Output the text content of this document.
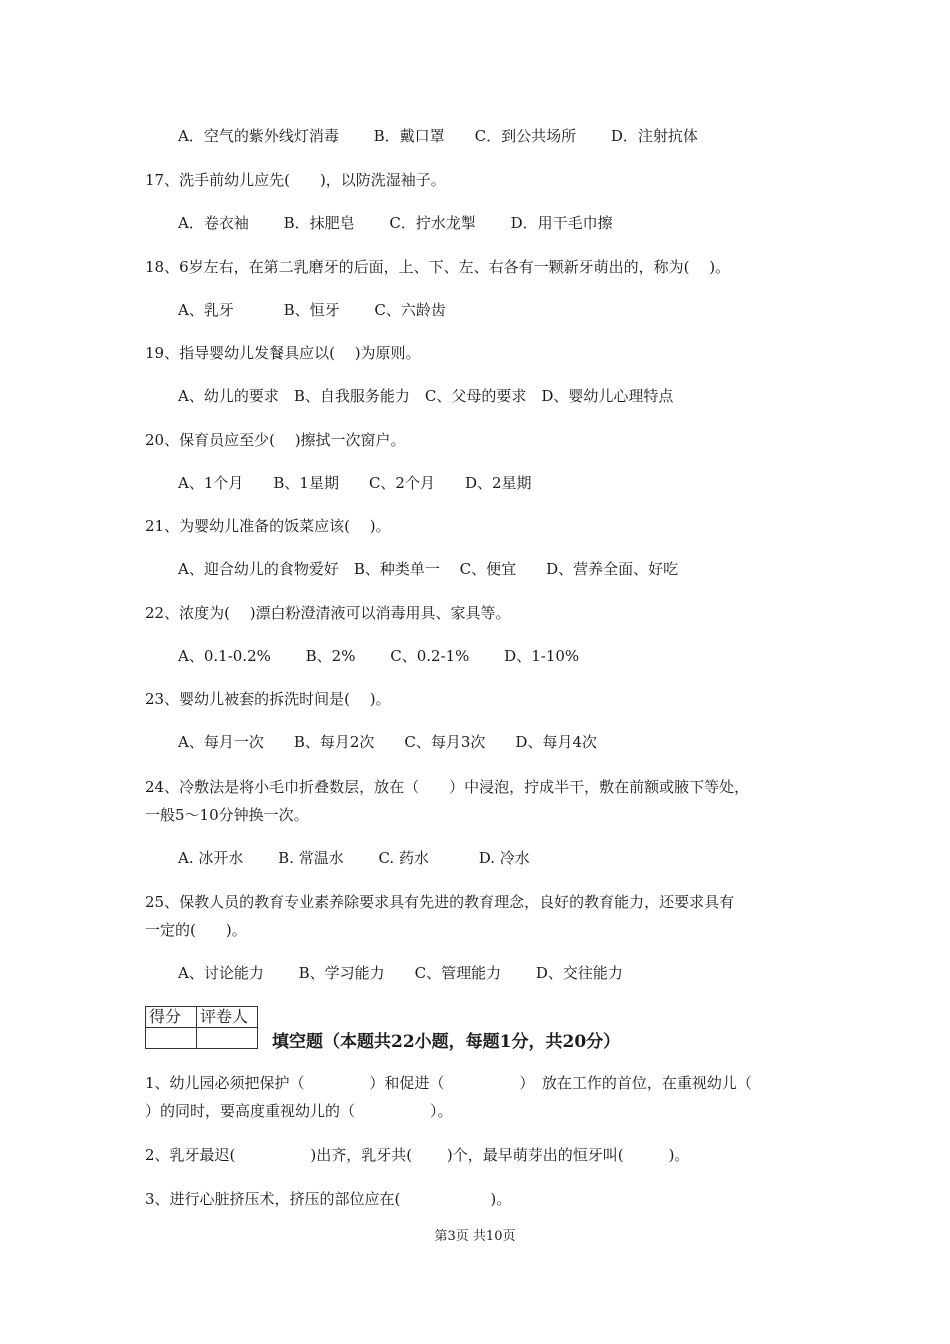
A．空气的紫外线灯消毒　　 B．戴口罩　　C．到公共场所　　 D．注射抗体
17、洗手前幼儿应先(　　)，以防洗湿袖子。
A．卷衣袖　　 B．抹肥皂　　 C．拧水龙掣　　 D．用干毛巾擦
18、6岁左右，在第二乳磨牙的后面，上、下、左、右各有一颗新牙萌出的，称为(　 )。
A、乳牙　　　 B、恒牙　　 C、六龄齿
19、指导婴幼儿发餐具应以(　 )为原则。
A、幼儿的要求　B、自我服务能力　C、父母的要求　D、婴幼儿心理特点
20、保育员应至少(　 )擦拭一次窗户。
A、1个月　　B、1星期　　C、2个月　　D、2星期
21、为婴幼儿准备的饭菜应该(　 )。
A、迎合幼儿的食物爱好　B、种类单一　 C、便宜　　D、营养全面、好吃
22、浓度为(　 )漂白粉澄清液可以消毒用具、家具等。
A、0.1-0.2%　　 B、2%　　 C、0.2-1%　　 D、1-10%
23、婴幼儿被套的拆洗时间是(　 )。
A、每月一次　　B、每月2次　　C、每月3次　　D、每月4次
24、冷敷法是将小毛巾折叠数层，放在（　　）中浸泡，拧成半干，敷在前额或腋下等处，
一般5～10分钟换一次。
A. 冰开水　　 B. 常温水　　 C. 药水　　　 D. 冷水
25、保教人员的教育专业素养除要求具有先进的教育理念，良好的教育能力，还要求具有
一定的(　　)。
A、讨论能力　　 B、学习能力　　C、管理能力　　 D、交往能力
得分	评卷人

填空题（本题共22小题，每题1分，共20分）
1、幼儿园必须把保护（　　　　 ）和促进（　　　　　）　放在工作的首位，在重视幼儿（
）的同时，要高度重视幼儿的（　　　　　）。
2、乳牙最迟(　　　　　)出齐，乳牙共(　　 )个，最早萌芽出的恒牙叫(　　　)。
3、进行心脏挤压术，挤压的部位应在(　　　　　　)。
第3页 共10页
